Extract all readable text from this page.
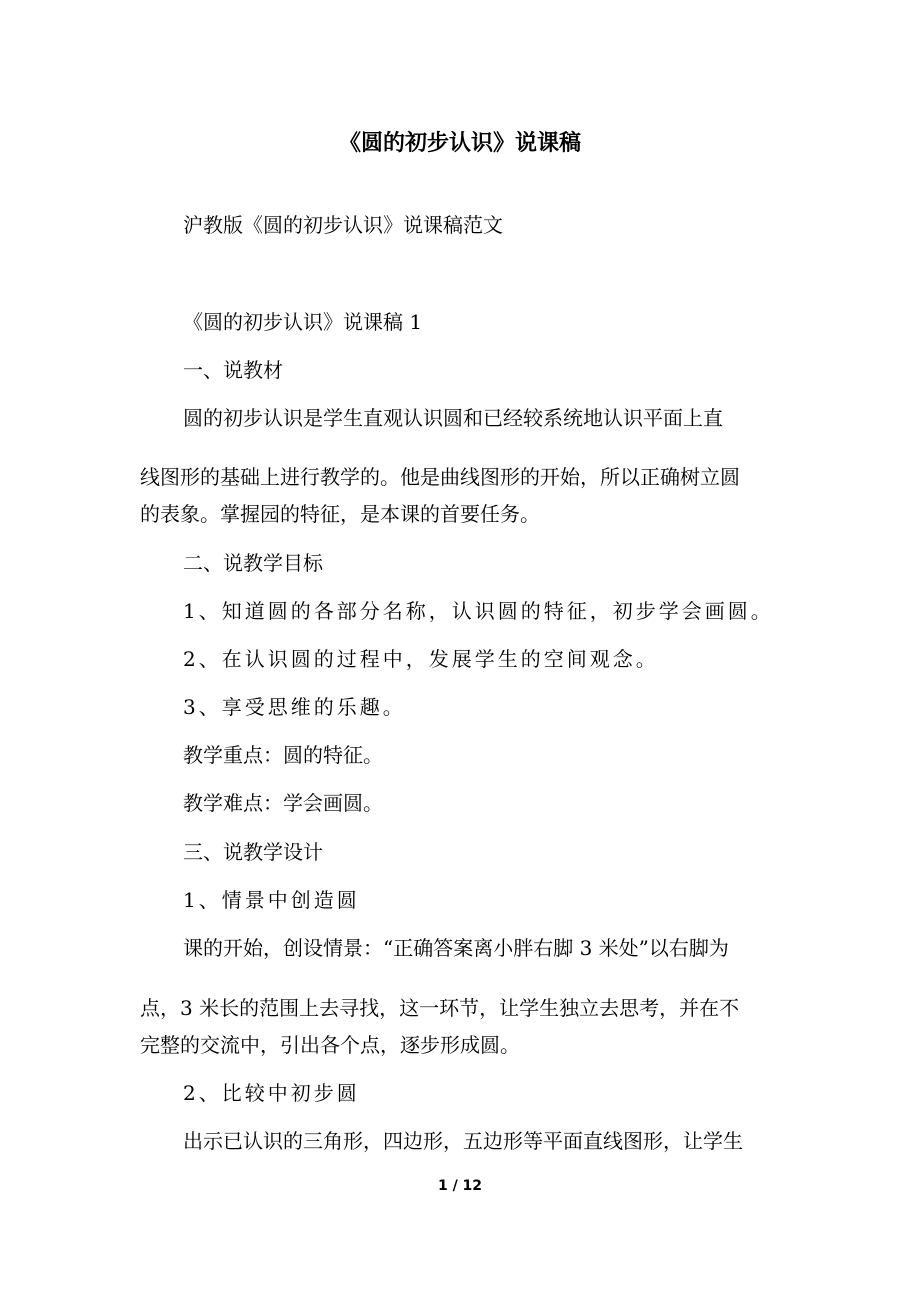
《圆的初步认识》说课稿
沪教版《圆的初步认识》说课稿范文
《圆的初步认识》说课稿 1
一、说教材
圆的初步认识是学生直观认识圆和已经较系统地认识平面上直
线图形的基础上进行教学的。他是曲线图形的开始，所以正确树立圆
的表象。掌握园的特征，是本课的首要任务。
二、说教学目标
1、知道圆的各部分名称，认识圆的特征，初步学会画圆。
2、在认识圆的过程中，发展学生的空间观念。
3、享受思维的乐趣。
教学重点：圆的特征。
教学难点：学会画圆。
三、说教学设计
1、情景中创造圆
课的开始，创设情景：“正确答案离小胖右脚 3 米处”以右脚为
点，3 米长的范围上去寻找，这一环节，让学生独立去思考，并在不
完整的交流中，引出各个点，逐步形成圆。
2、比较中初步圆
出示已认识的三角形，四边形，五边形等平面直线图形，让学生
1 / 12
